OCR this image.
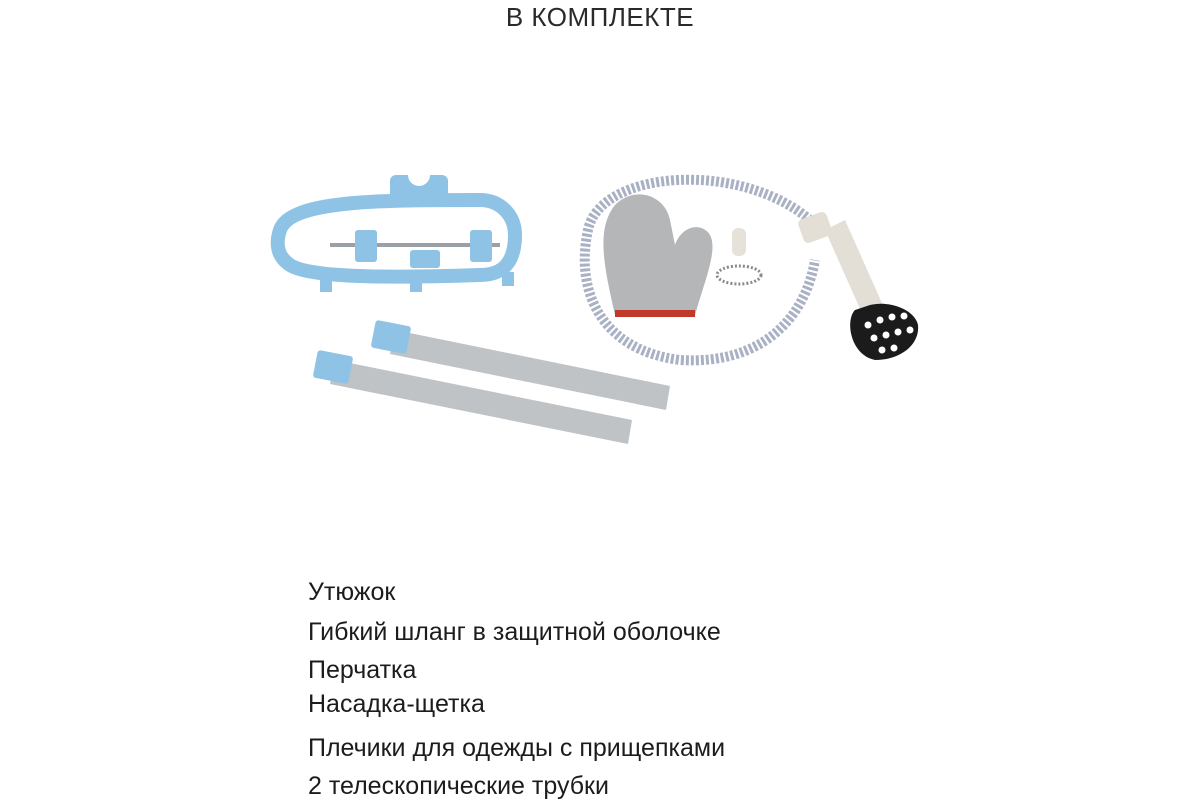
В КОМПЛЕКТЕ
Утюжок
Гибкий шланг в защитной оболочке
Перчатка
Насадка-щетка
Плечики для одежды с прищепками
2 телескопические трубки
